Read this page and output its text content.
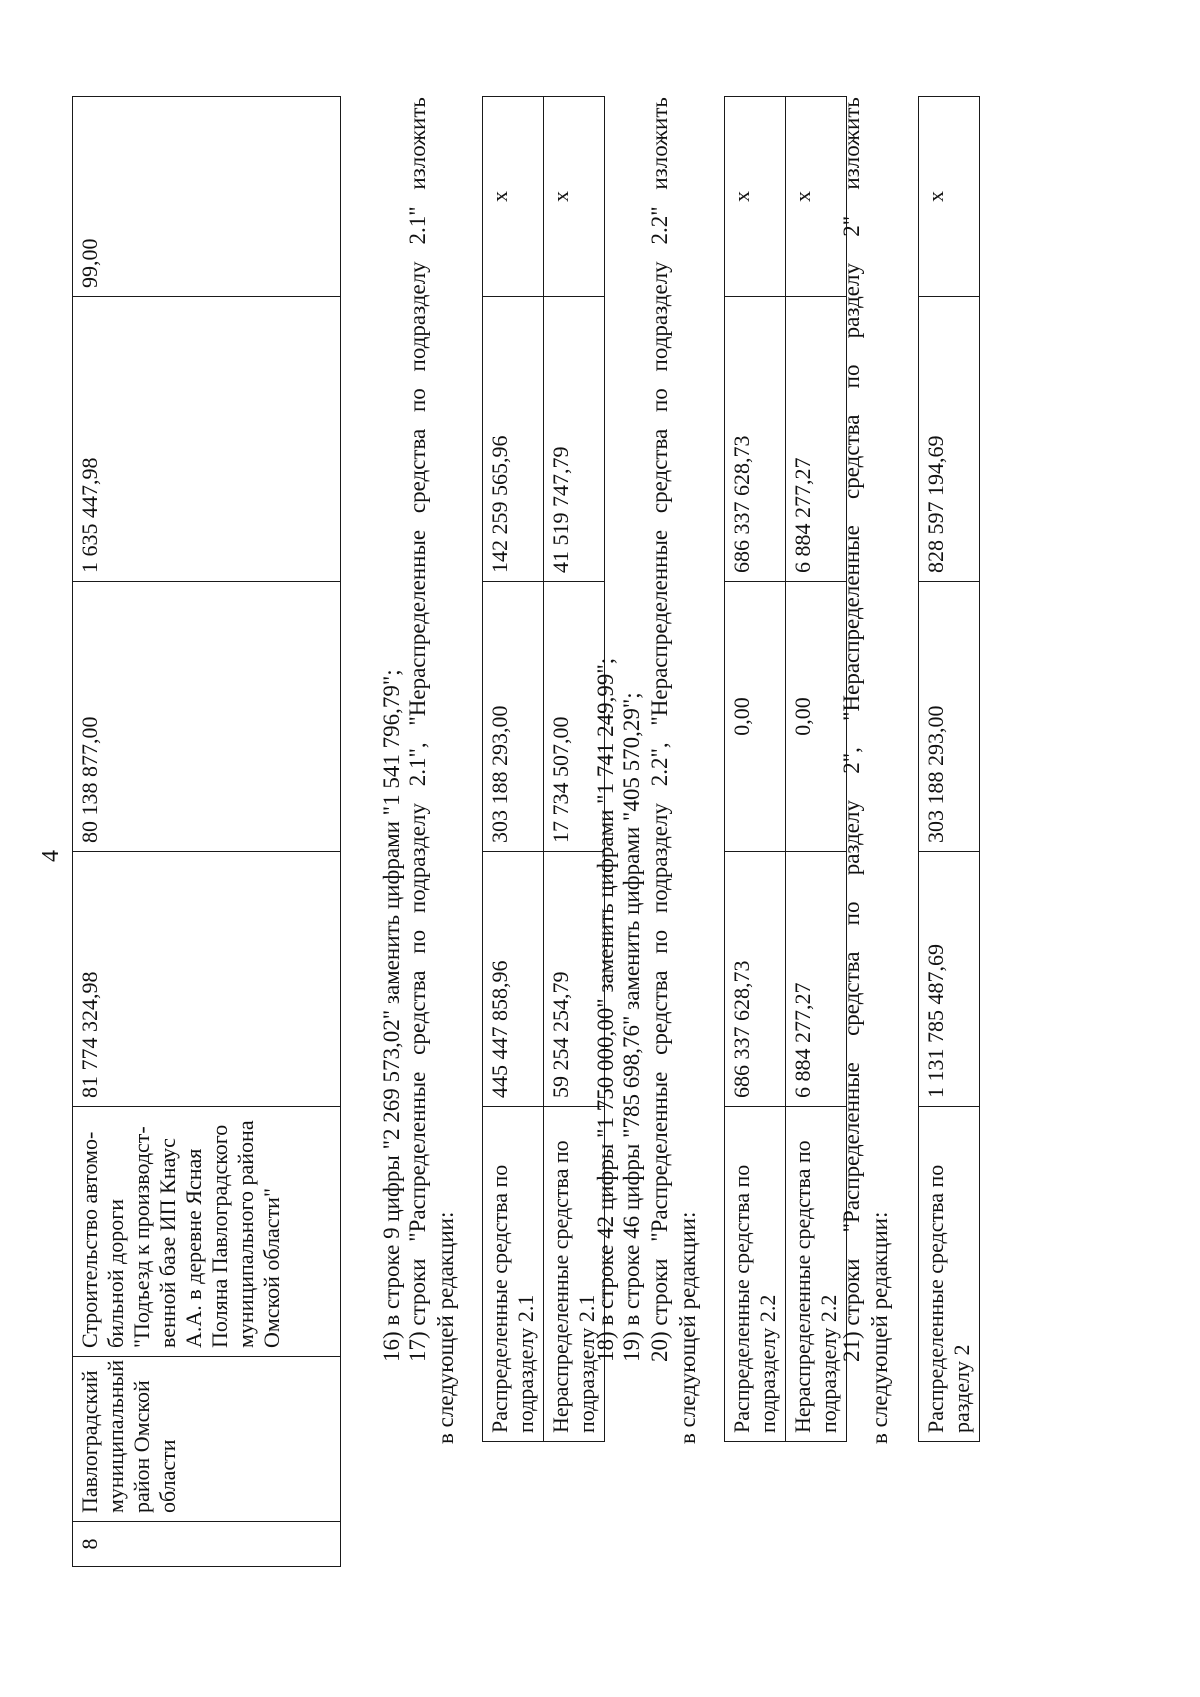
4
8	Павлоградский
муниципальный
район Омской
области	Строительство автомо-
бильной дороги
"Подъезд к производст-
венной базе ИП Кнаус
А.А. в деревне Ясная
Поляна Павлоградского
муниципального района
Омской области"	81 774 324,98	80 138 877,00	1 635 447,98	99,00
16) в строке 9 цифры "2 269 573,02" заменить цифрами "1 541 796,79"; 17) строки
"Распределенные
средства
по
подразделу
2.1",
"Нераспределенные
средства
по
подразделу
2.1"
изложить
в следующей редакции: Распределенные средства по подразделу 2.1	445 447 858,96	303 188 293,00	142 259 565,96	x
Нераспределенные средства по подразделу 2.1	59 254 254,79	17 734 507,00	41 519 747,79	x
18) в строке 42 цифры "1 750 000,00" заменить цифрами "1 741 249,99"; 19) в строке 46 цифры "785 698,76" заменить цифрами "405 570,29"; 20) строки
"Распределенные
средства
по
подразделу
2.2",
"Нераспределенные
средства
по
подразделу
2.2"
изложить
в следующей редакции: Распределенные средства по подразделу 2.2	686 337 628,73	0,00	686 337 628,73	x
Нераспределенные средства по подразделу 2.2	6 884 277,27	0,00	6 884 277,27	x
21) строки
"Распределенные
средства
по
разделу
2",
"Нераспределенные
средства
по
разделу
2"
изложить
в следующей редакции: Распределенные средства по разделу 2	1 131 785 487,69	303 188 293,00	828 597 194,69	x
